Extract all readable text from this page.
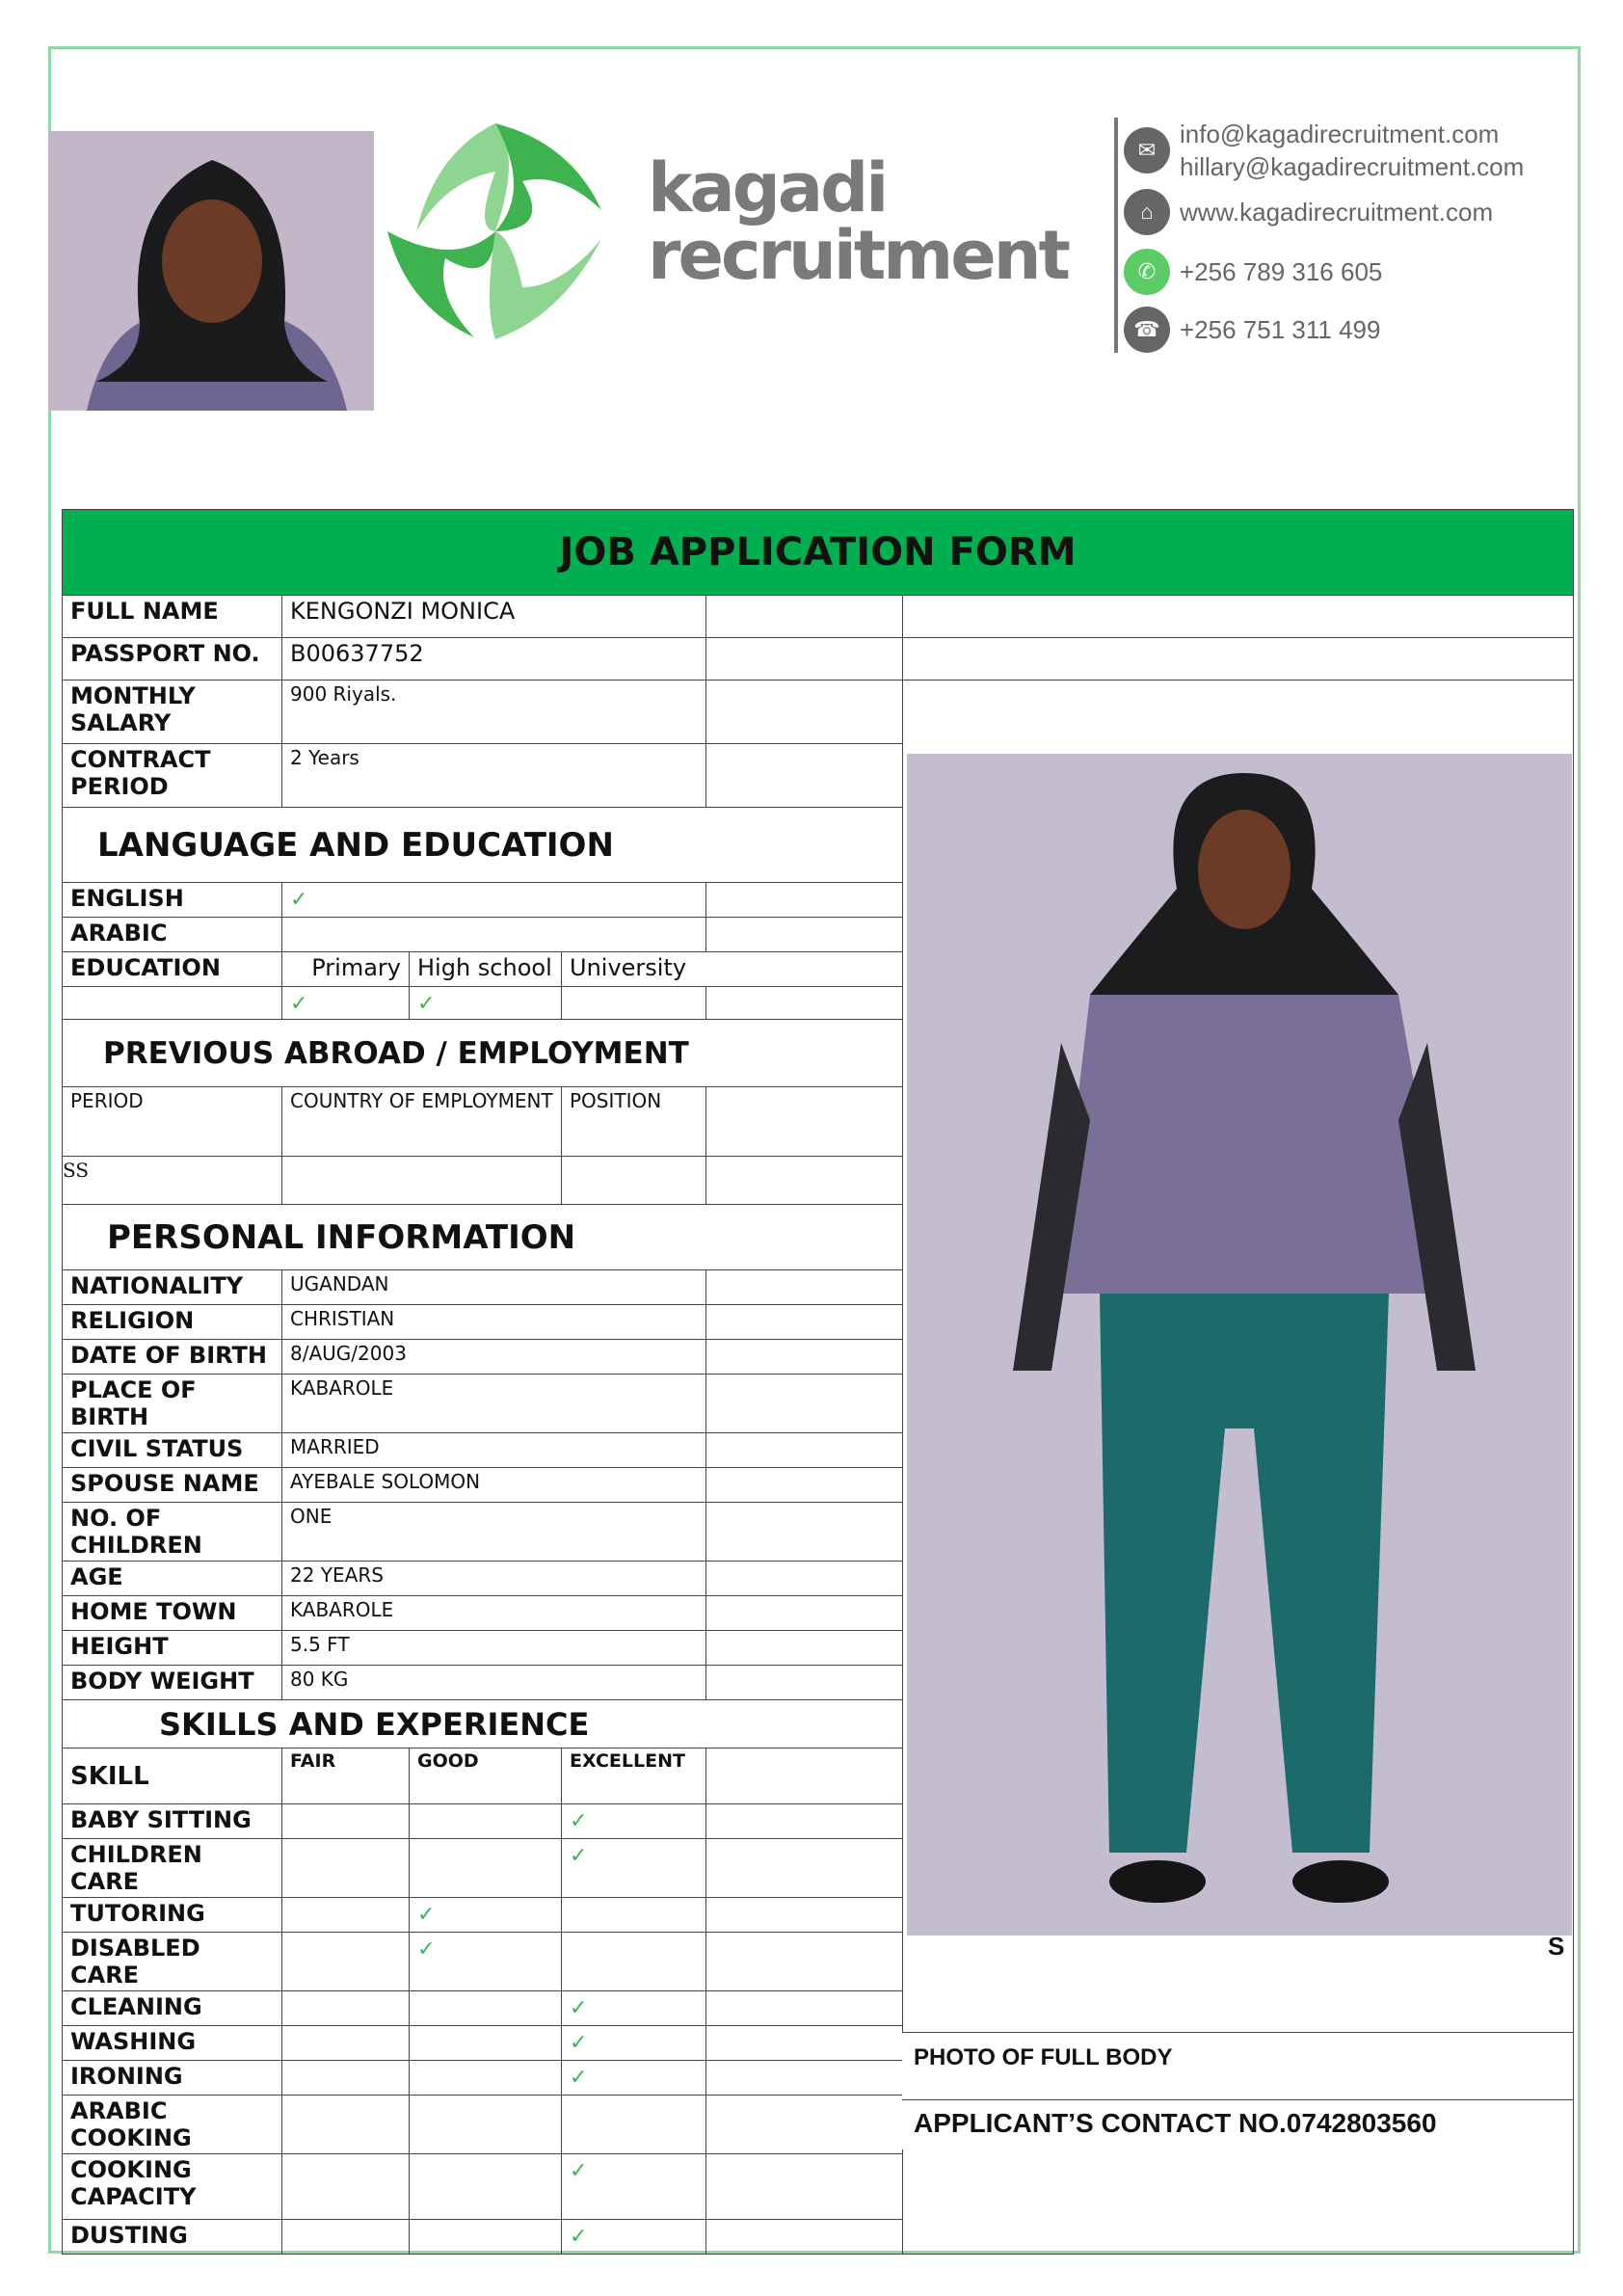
kagadi
recruitment
✉
info@kagadirecruitment.com
hillary@kagadirecruitment.com
⌂	www.kagadirecruitment.com
✆ +256 789 316 605
☎ +256 751 311 499
JOB APPLICATION FORM					
FULL NAME	KENGONZI MONICA				
PASSPORT NO.	B00637752				
MONTHLY SALARY	900 Riyals.		

CONTRACT PERIOD	2 Years				
LANGUAGE AND EDUCATION					
ENGLISH	✓				
ARABIC					
EDUCATION	Primary	High school	University		
	✓	✓			
PREVIOUS ABROAD / EMPLOYMENT					
PERIOD	COUNTRY OF EMPLOYMENT		POSITION		
SS					
PERSONAL INFORMATION					
NATIONALITY	UGANDAN				
RELIGION	CHRISTIAN				
DATE OF BIRTH	8/AUG/2003				
PLACE OF BIRTH	KABAROLE				
CIVIL STATUS	MARRIED				
SPOUSE NAME	AYEBALE SOLOMON				
NO. OF CHILDREN	ONE				
AGE	22 YEARS				
HOME TOWN	KABAROLE				
HEIGHT	5.5 FT				
BODY WEIGHT	80 KG				
SKILLS AND EXPERIENCE					
SKILL	FAIR	GOOD	EXCELLENT		
BABY SITTING			✓		
CHILDREN CARE			✓		
TUTORING		✓			
DISABLED CARE		✓			
CLEANING			✓		
WASHING			✓		
IRONING			✓		
ARABIC COOKING					
COOKING CAPACITY			✓		
DUSTING			✓		
S
PHOTO OF FULL BODY
APPLICANT’S CONTACT NO.0742803560
